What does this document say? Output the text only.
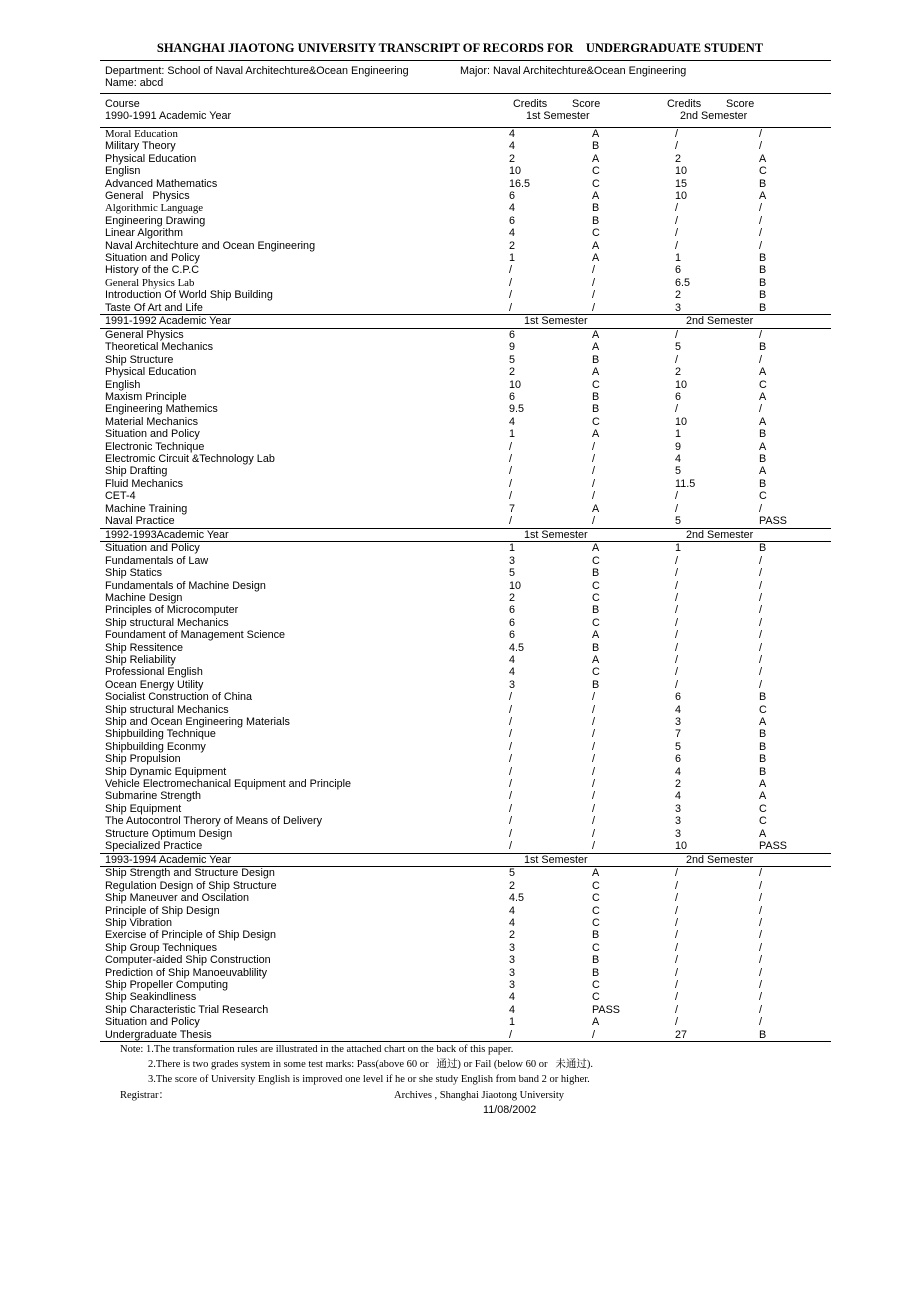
SHANGHAI JIAOTONG UNIVERSITY TRANSCRIPT OF RECORDS FOR    UNDERGRADUATE STUDENT
Department: School of Naval Architechture&Ocean Engineering	Major: Naval Architechture&Ocean Engineering
Name: abcd
Course	Credits Score	Credits Score
1990-1991 Academic Year	1st Semester	2nd Semester
Moral Education	4	A	/	/
Military Theory	4	B	/	/
Physical Education	2	A	2	A
Englisn	10	C	10	C
Advanced Mathematics	16.5	C	15	B
General   Physics	6	A	10	A
Algorithmic Language	4	B	/	/
Engineering Drawing	6	B	/	/
Linear Algorithm	4	C	/	/
Naval Architechture and Ocean Engineering	2	A	/	/
Situation and Policy	1	A	1	B
History of the C.P.C	/	/	6	B
General Physics Lab	/	/	6.5	B
Introduction Of World Ship Building	/	/	2	B
Taste Of Art and Life	/	/	3	B
1991-1992 Academic Year	1st Semester	2nd Semester
General Physics	6	A	/	/
Theoretical Mechanics	9	A	5	B
Ship Structure	5	B	/	/
Physical Education	2	A	2	A
English	10	C	10	C
Maxism Principle	6	B	6	A
Engineering Mathemics	9.5	B	/	/
Material Mechanics	4	C	10	A
Situation and Policy	1	A	1	B
Electronic Technique	/	/	9	A
Electromic Circuit &Technology Lab	/	/	4	B
Ship Drafting	/	/	5	A
Fluid Mechanics	/	/	11.5	B
CET-4	/	/	/	C
Machine Training	7	A	/	/
Naval Practice	/	/	5	PASS
1992-1993Academic Year	1st Semester	2nd Semester
Situation and Policy	1	A	1	B
Fundamentals of Law	3	C	/	/
Ship Statics	5	B	/	/
Fundamentals of Machine Design	10	C	/	/
Machine Design	2	C	/	/
Principles of Microcomputer	6	B	/	/
Ship structural Mechanics	6	C	/	/
Foundament of Management Science	6	A	/	/
Ship Ressitence	4.5	B	/	/
Ship Reliability	4	A	/	/
Professional English	4	C	/	/
Ocean Energy Utility	3	B	/	/
Socialist Construction of China	/	/	6	B
Ship structural Mechanics	/	/	4	C
Ship and Ocean Engineering Materials	/	/	3	A
Shipbuilding Technique	/	/	7	B
Shipbuilding Econmy	/	/	5	B
Ship Propulsion	/	/	6	B
Ship Dynamic Equipment	/	/	4	B
Vehicle Electromechanical Equipment and Principle	/	/	2	A
Submarine Strength	/	/	4	A
Ship Equipment	/	/	3	C
The Autocontrol Therory of Means of Delivery	/	/	3	C
Structure Optimum Design	/	/	3	A
Specialized Practice	/	/	10	PASS
1993-1994 Academic Year	1st Semester	2nd Semester
Ship Strength and Structure Design	5	A	/	/
Regulation Design of Ship Structure	2	C	/	/
Ship Maneuver and Oscilation	4.5	C	/	/
Principle of Ship Design	4	C	/	/
Ship Vibration	4	C	/	/
Exercise of Principle of Ship Design	2	B	/	/
Ship Group Techniques	3	C	/	/
Computer-aided Ship Construction	3	B	/	/
Prediction of Ship Manoeuvablility	3	B	/	/
Ship Propeller Computing	3	C	/	/
Ship Seakindliness	4	C	/	/
Ship Characteristic Trial Research	4	PASS	/	/
Situation and Policy	1	A	/	/
Undergraduate Thesis	/	/	27	B
Note: 1.The transformation rules are illustrated in the attached chart on the back of this paper.
2.There is two grades system in some test marks: Pass(above 60 or   通过) or Fail (below 60 or   未通过).
3.The score of University English is improved one level if he or she study English from band 2 or higher.
Registrar：	Archives , Shanghai Jiaotong University
11/08/2002
